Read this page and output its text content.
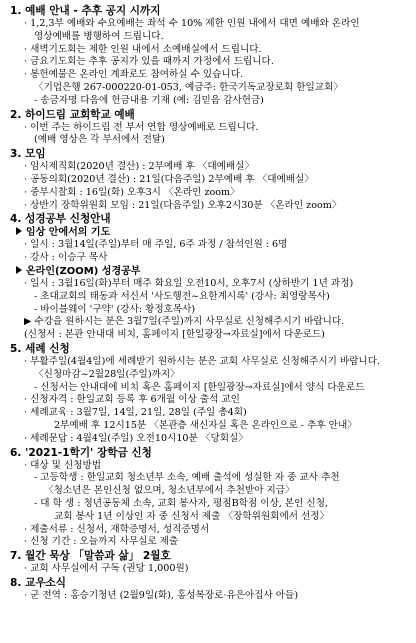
1. 예배 안내 - 추후 공지 시까지
· 1,2,3부 예배와 수요예배는 좌석 수 10% 제한 인원 내에서 대면 예배와 온라인
영상예배를 병행하여 드립니다.
· 새벽기도회는 제한 인원 내에서 소예배실에서 드립니다.
· 금요기도회는 추후 공지가 있을 때까지 가정에서 드립니다.
· 봉헌예물은 온라인 계좌로도 참여하실 수 있습니다.
〈기업은행 267-000220-01-053, 예금주: 한국기독교장로회 한일교회〉
- 송금자명 다음에 헌금내용 기재 (예: 김믿음 감사헌금)
2. 하이드림 교회학교 예배
· 이번 주는 하이드림 전 부서 연합 영상예배로 드립니다.
(예배 영상은 각 부서에서 전달)
3. 모임
· 임시제직회(2020년 결산) : 2부예배 후 〈대예배실〉
· 공동의회(2020년 결산) : 21일(다음주일) 2부예배 후 〈대예배실〉
· 중부시찰회 : 16일(화) 오후3시 〈온라인 zoom〉
· 상반기 장학위원회 모임 : 21일(다음주일) 오후2시30분 〈온라인 zoom〉
4. 성경공부 신청안내
임상 안에서의 기도
· 일시 : 3월14일(주일)부터 매 주일, 6주 과정 / 참석인원 : 6명
· 강사 : 이승구 목사
온라인(ZOOM) 성경공부
· 일시 : 3월16일(화)부터 매주 화요일 오전10시, 오후7시 (상하반기 1년 과정)
- 초대교회의 태동과 서신서 '사도행전~요한계시록' (강사: 최영랑목사)
- 바이블웨이 '구약' (강사: 황정호목사)
▶ 수강을 원하시는 분은 3월7일(주일)까지 사무실로 신청해주시기 바랍니다.
(신청서 : 본관 안내대 비치, 홈페이지 [한일광장→자료실]에서 다운로드)
5. 세례 신청
· 부활주일(4월4일)에 세례받기 원하시는 분은 교회 사무실로 신청해주시기 바랍니다.
〈신청마감~2월28일(주일)까지〉
- 신청서는 안내대에 비치 혹은 홈페이지 [한일광장→자료실]에서 양식 다운로드
· 신청자격 : 한일교회 등록 후 6개월 이상 출석 교인
· 세례교육 : 3월7일, 14일, 21일, 28일 (주일 총4회)
2부예배 후 12시15분 〈본관층 새신자실 혹은 온라인으로 - 추후 안내〉
· 세례문답 : 4월4일(주일) 오전10시10분 〈당회실〉
6. '2021-1학기' 장학금 신청
· 대상 및 신청방법
- 고등학생 : 한일교회 청소년부 소속, 예배 출석에 성실한 자 중 교사 추천
〈청소년은 본인신청 없으며, 청소년부에서 추천받아 지급〉
- 대 학 생 : 청년공동체 소속, 교회 봉사자, 평점B학점 이상, 본인 신청,
교회 봉사 1년 이상인 자 중 신청서 제출 〈장학위원회에서 선정〉
· 제출서류 : 신청서, 재학증명서, 성적증명서
· 신청 기간 : 오늘까지 사무실로 제출
7. 월간 묵상 「말씀과 삶」 2월호
· 교회 사무실에서 구독 (권당 1,000원)
8. 교우소식
· 군 전역 : 홍승기청년 (2월9일(화), 홍성복장로·유은아집사 아들)
